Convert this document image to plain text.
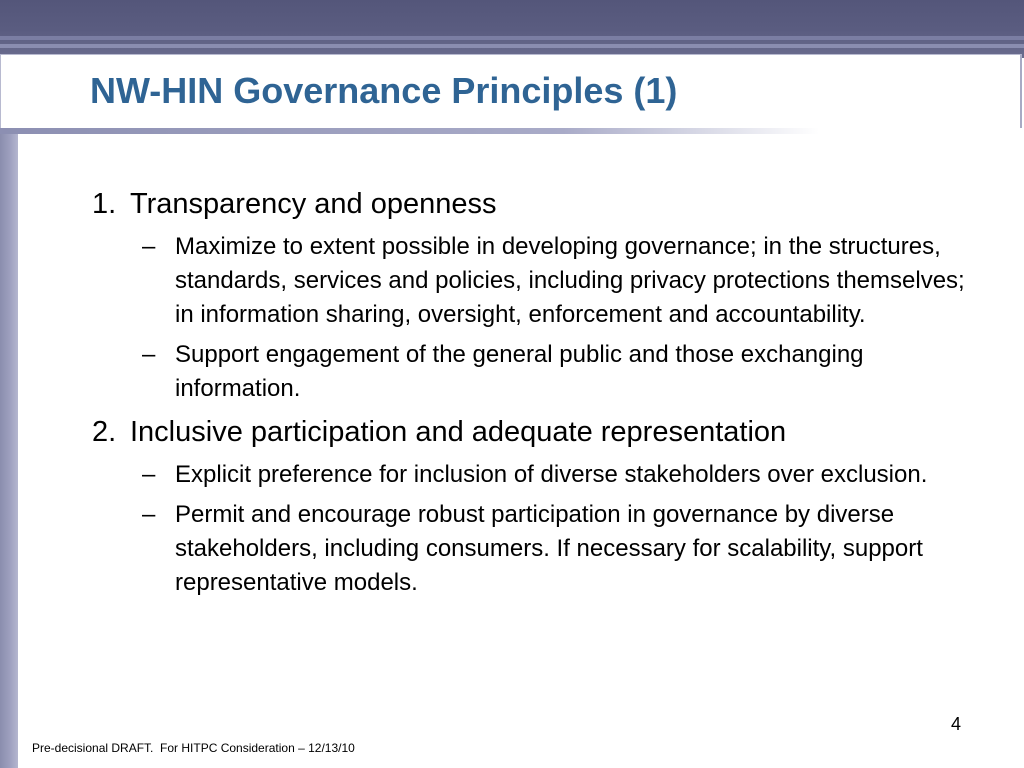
NW-HIN Governance Principles (1)

1. Transparency and openness

– Maximize to extent possible in developing governance; in the structures, standards, services and policies, including privacy protections themselves; in information sharing, oversight, enforcement and accountability.
– Support engagement of the general public and those exchanging information.

2. Inclusive participation and adequate representation

– Explicit preference for inclusion of diverse stakeholders over exclusion.
– Permit and encourage robust participation in governance by diverse stakeholders, including consumers. If necessary for scalability, support representative models.
4
Pre-decisional DRAFT.  For HITPC Consideration – 12/13/10
